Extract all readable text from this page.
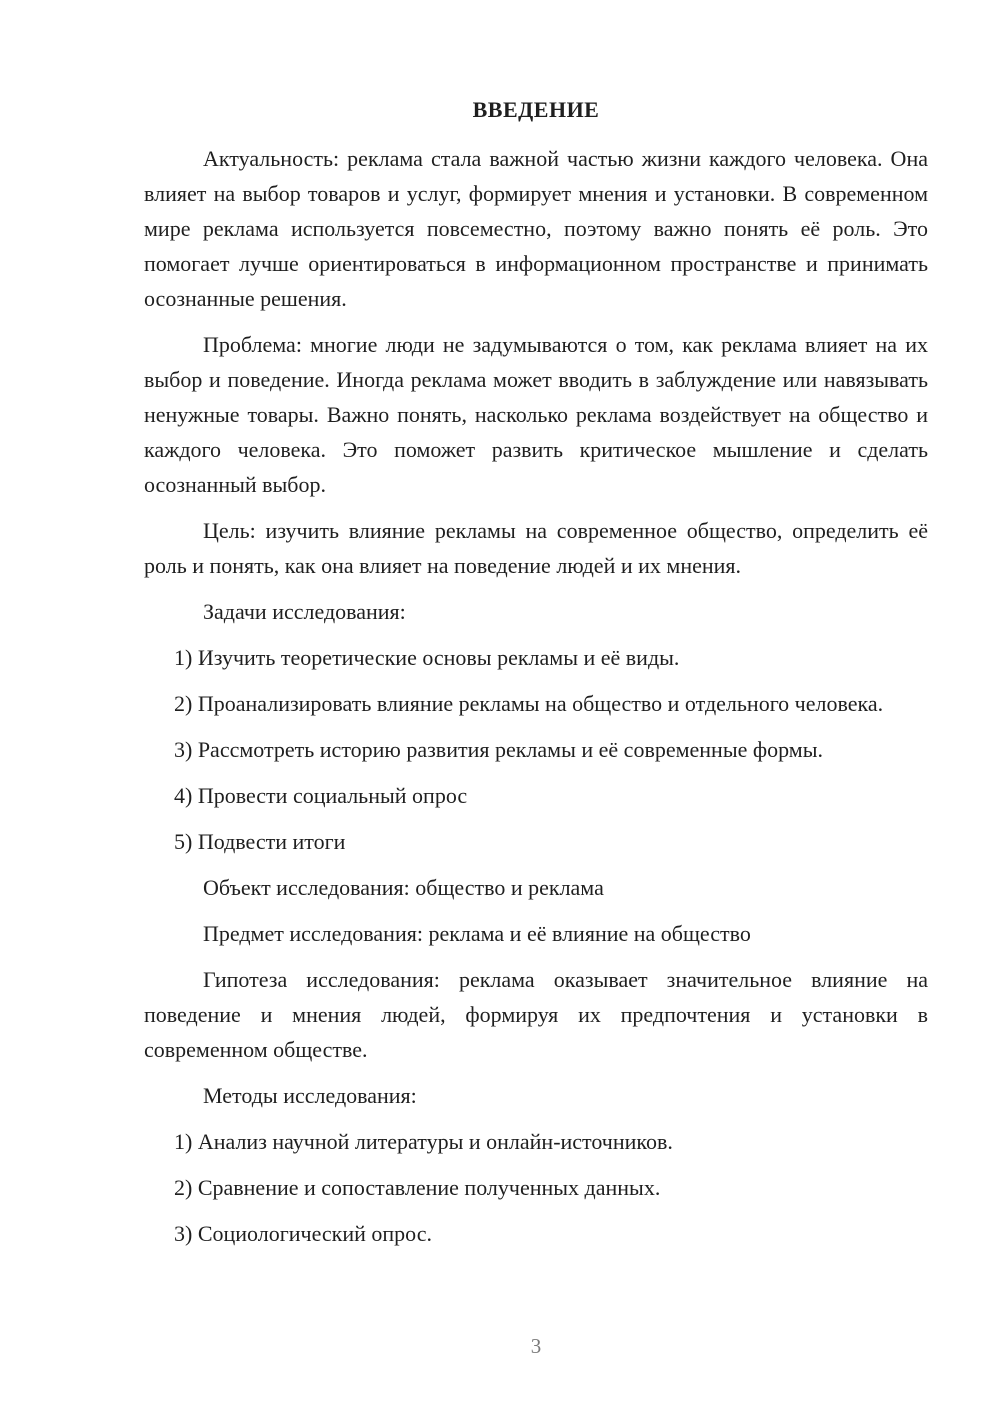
ВВЕДЕНИЕ

Актуальность: реклама стала важной частью жизни каждого человека. Она влияет на выбор товаров и услуг, формирует мнения и установки. В современном мире реклама используется повсеместно, поэтому важно понять её роль. Это помогает лучше ориентироваться в информационном пространстве и принимать осознанные решения.

Проблема: многие люди не задумываются о том, как реклама влияет на их выбор и поведение. Иногда реклама может вводить в заблуждение или навязывать ненужные товары. Важно понять, насколько реклама воздействует на общество и каждого человека. Это поможет развить критическое мышление и сделать осознанный выбор.

Цель: изучить влияние рекламы на современное общество, определить её роль и понять, как она влияет на поведение людей и их мнения.

Задачи исследования:

1) Изучить теоретические основы рекламы и её виды.

2) Проанализировать влияние рекламы на общество и отдельного человека.

3) Рассмотреть историю развития рекламы и её современные формы.

4) Провести социальный опрос

5) Подвести итоги

Объект исследования: общество и реклама

Предмет исследования: реклама и её влияние на общество

Гипотеза исследования: реклама оказывает значительное влияние на поведение и мнения людей, формируя их предпочтения и установки в современном обществе.

Методы исследования:

1) Анализ научной литературы и онлайн-источников.

2) Сравнение и сопоставление полученных данных.

3) Социологический опрос.

3
